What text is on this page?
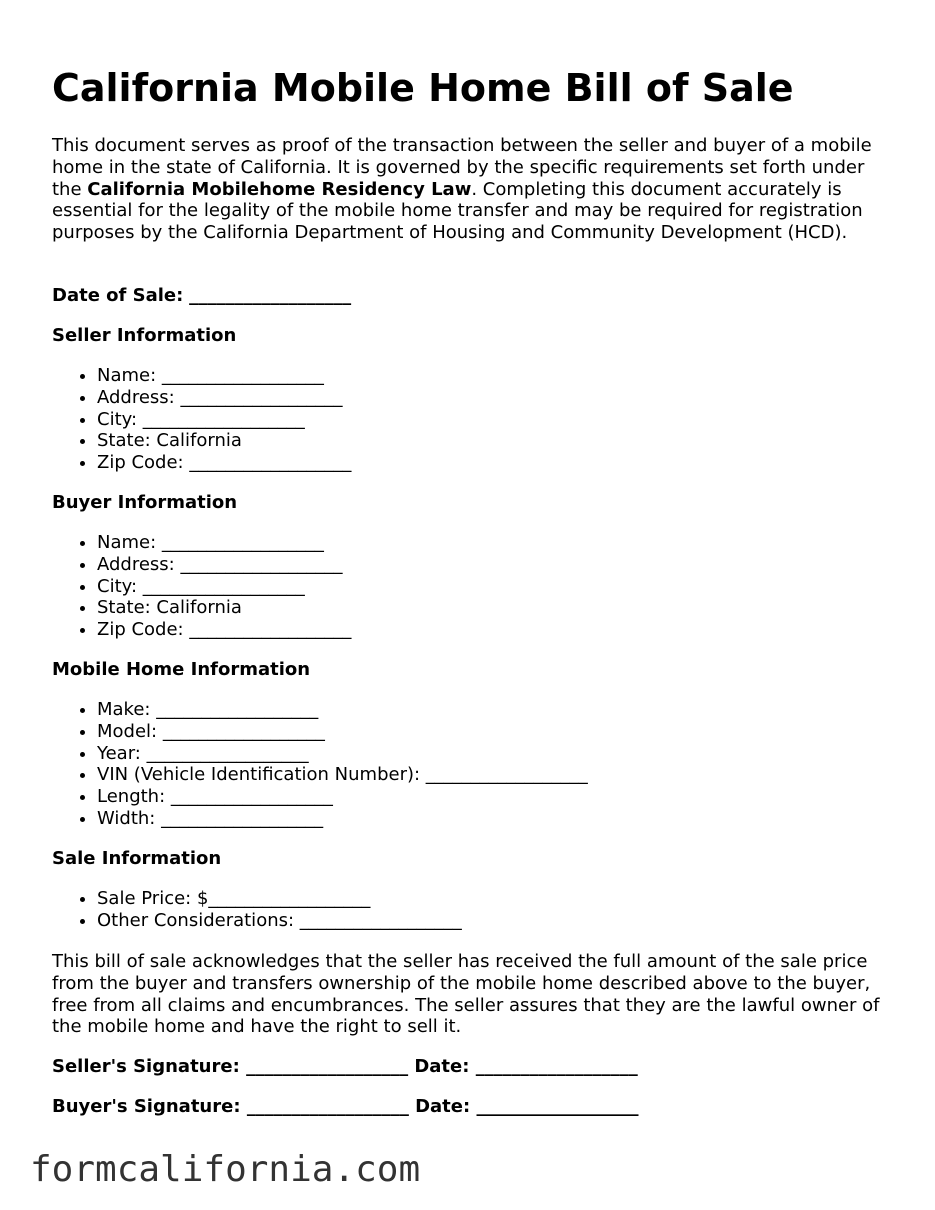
California Mobile Home Bill of Sale

This document serves as proof of the transaction between the seller and buyer of a mobile home in the state of California. It is governed by the specific requirements set forth under the California Mobilehome Residency Law. Completing this document accurately is essential for the legality of the mobile home transfer and may be required for registration purposes by the California Department of Housing and Community Development (HCD).

Date of Sale: __________________

Seller Information

• Name: __________________
• Address: __________________
• City: __________________
• State: California
• Zip Code: __________________

Buyer Information

• Name: __________________
• Address: __________________
• City: __________________
• State: California
• Zip Code: __________________

Mobile Home Information

• Make: __________________
• Model: __________________
• Year: __________________
• VIN (Vehicle Identification Number): __________________
• Length: __________________
• Width: __________________

Sale Information

• Sale Price: $__________________
• Other Considerations: __________________

This bill of sale acknowledges that the seller has received the full amount of the sale price from the buyer and transfers ownership of the mobile home described above to the buyer, free from all claims and encumbrances. The seller assures that they are the lawful owner of the mobile home and have the right to sell it.

Seller's Signature: __________________ Date: __________________

Buyer's Signature: __________________ Date: __________________

formcalifornia.com
